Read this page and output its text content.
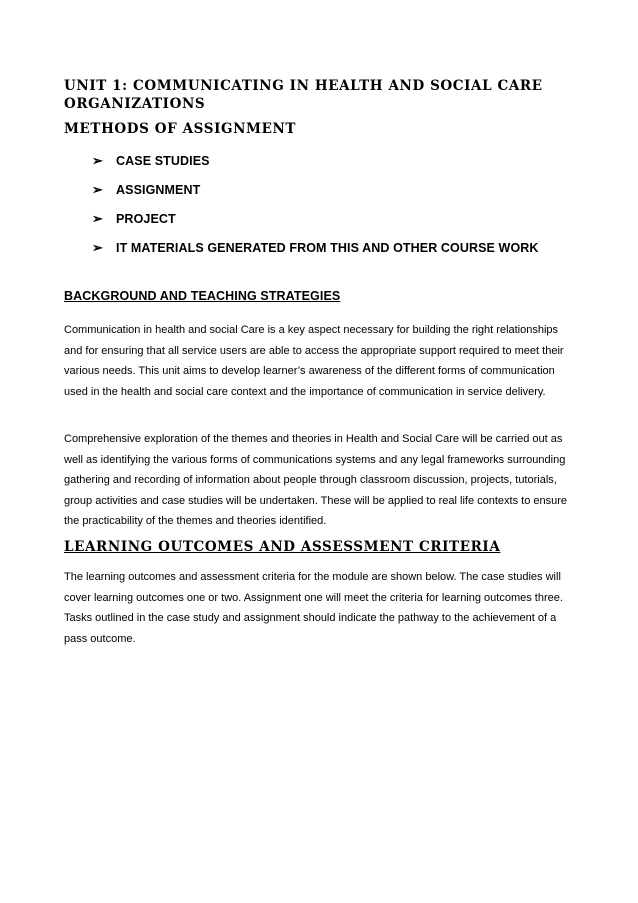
UNIT 1: COMMUNICATING IN HEALTH AND SOCIAL CARE ORGANIZATIONS
METHODS OF ASSIGNMENT
➢ CASE STUDIES
➢ ASSIGNMENT
➢ PROJECT
➢ IT MATERIALS GENERATED FROM THIS AND OTHER COURSE WORK
BACKGROUND AND TEACHING STRATEGIES

Communication in health and social Care is a key aspect necessary for building the right relationships and for ensuring that all service users are able to access the appropriate support required to meet their various needs. This unit aims to develop learner’s awareness of the different forms of communication used in the health and social care context and the importance of communication in service delivery.

Comprehensive exploration of the themes and theories in Health and Social Care will be carried out as well as identifying the various forms of communications systems and any legal frameworks surrounding gathering and recording of information about people through classroom discussion, projects, tutorials, group activities and case studies will be undertaken. These will be applied to real life contexts to ensure the practicability of the themes and theories identified.

LEARNING OUTCOMES AND ASSESSMENT CRITERIA

The learning outcomes and assessment criteria for the module are shown below. The case studies will cover learning outcomes one or two. Assignment one will meet the criteria for learning outcomes three. Tasks outlined in the case study and assignment should indicate the pathway to the achievement of a pass outcome.
